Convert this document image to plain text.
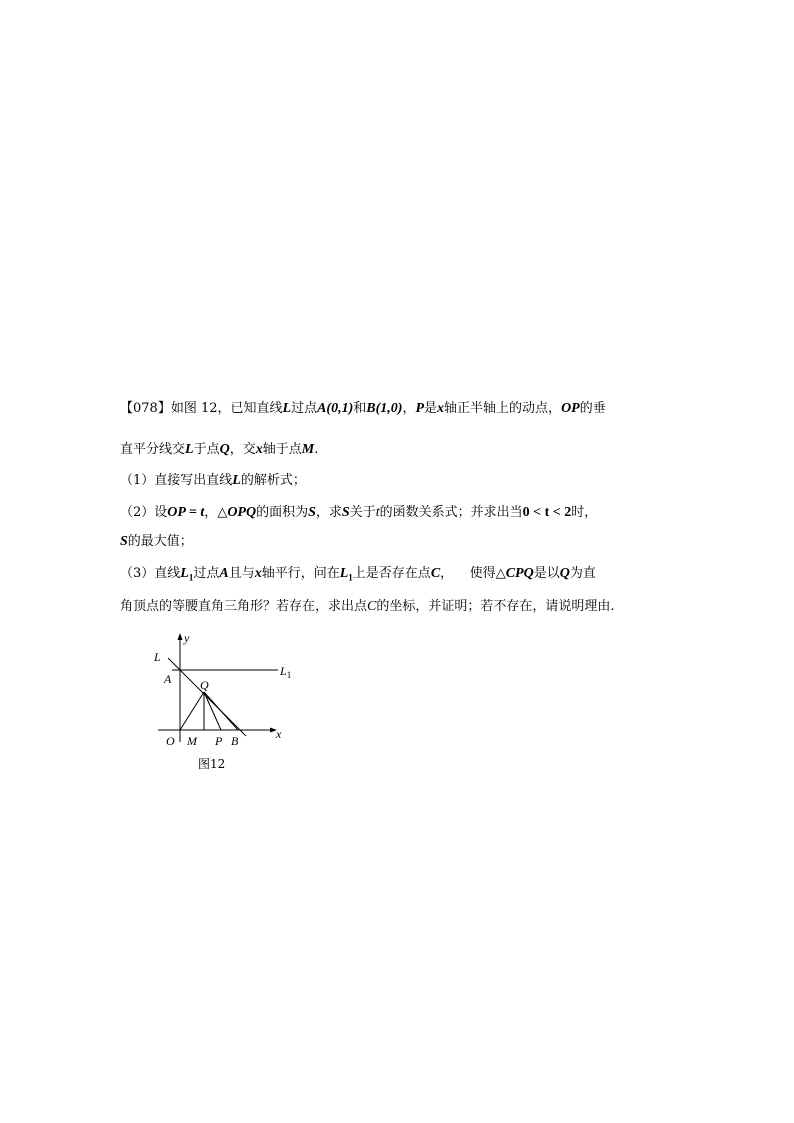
【078】如图 12，已知直线L过点A(0,1)和B(1,0)，P是x轴正半轴上的动点，OP的垂
直平分线交L于点Q，交x轴于点M.
（1）直接写出直线L的解析式；
（2）设OP = t，△OPQ的面积为S，求S关于t的函数关系式；并求出当0 < t < 2时，
S的最大值；
（3）直线$L_1$过点A且与x轴平行，问在$L_1$上是否存在点C，    使得△CPQ是以Q为直
角顶点的等腰直角三角形？若存在，求出点C的坐标，并证明；若不存在，请说明理由.
y
x
L
$L_1$
A Q
O M P B
图12
